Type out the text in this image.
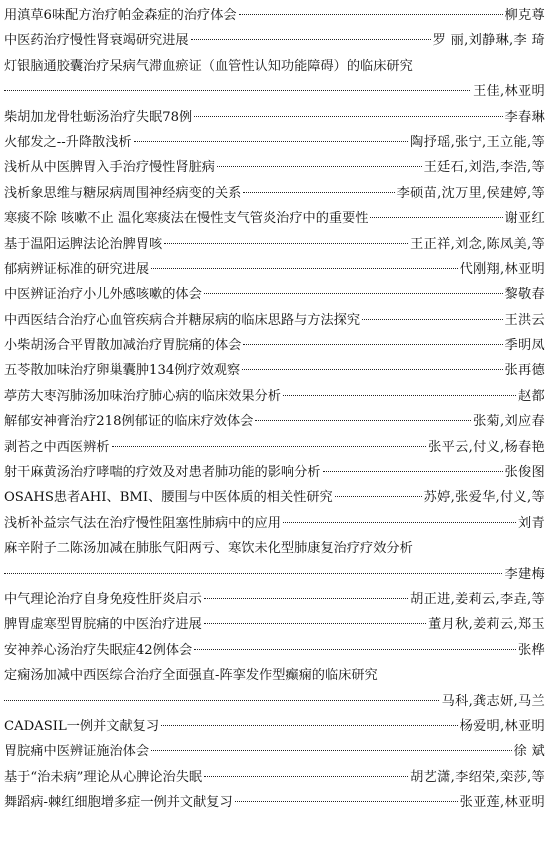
用滇草6味配方治疗帕金森症的治疗体会	柳克尊
中医药治疗慢性肾衰竭研究进展	罗 丽,刘静琳,李 琦
灯银脑通胶囊治疗呆病气滞血瘀证（血管性认知功能障碍）的临床研究
王佳,林亚明
柴胡加龙骨牡蛎汤治疗失眠78例	李春琳
火郁发之--升降散浅析	陶抒瑶,张宁,王立能,等
浅析从中医脾胃入手治疗慢性肾脏病	王廷石,刘浩,李浩,等
浅析象思维与糖尿病周围神经病变的关系	李硕苗,沈万里,侯建婷,等
寒痰不除 咳嗽不止 温化寒痰法在慢性支气管炎治疗中的重要性	谢亚红
基于温阳运脾法论治脾胃咳	王正祥,刘念,陈凤美,等
郁病辨证标准的研究进展	代刚翔,林亚明
中医辨证治疗小儿外感咳嗽的体会	黎敬春
中西医结合治疗心血管疾病合并糖尿病的临床思路与方法探究	王洪云
小柴胡汤合平胃散加减治疗胃脘痛的体会	季明凤
五苓散加味治疗卵巢囊肿134例疗效观察	张再德
葶苈大枣泻肺汤加味治疗肺心病的临床效果分析	赵都
解郁安神膏治疗218例郁证的临床疗效体会	张菊,刘应春
剥苔之中西医辨析	张平云,付义,杨春艳
射干麻黄汤治疗哮喘的疗效及对患者肺功能的影响分析	张俊图
OSAHS患者AHI、BMI、腰围与中医体质的相关性研究	苏婷,张爱华,付义,等
浅析补益宗气法在治疗慢性阻塞性肺病中的应用	刘青
麻辛附子二陈汤加减在肺胀气阳两亏、寒饮未化型肺康复治疗疗效分析
李建梅
中气理论治疗自身免疫性肝炎启示	胡正进,姜莉云,李垚,等
脾胃虚寒型胃脘痛的中医治疗进展	董月秋,姜莉云,郑玉
安神养心汤治疗失眠症42例体会	张桦
定痫汤加减中西医综合治疗全面强直-阵挛发作型癫痫的临床研究
马科,龚志妍,马兰
CADASIL一例并文献复习	杨爱明,林亚明
胃脘痛中医辨证施治体会	徐 斌
基于“治未病”理论从心脾论治失眠	胡艺潇,李绍荣,栾莎,等
舞蹈病-棘红细胞增多症一例并文献复习	张亚莲,林亚明
